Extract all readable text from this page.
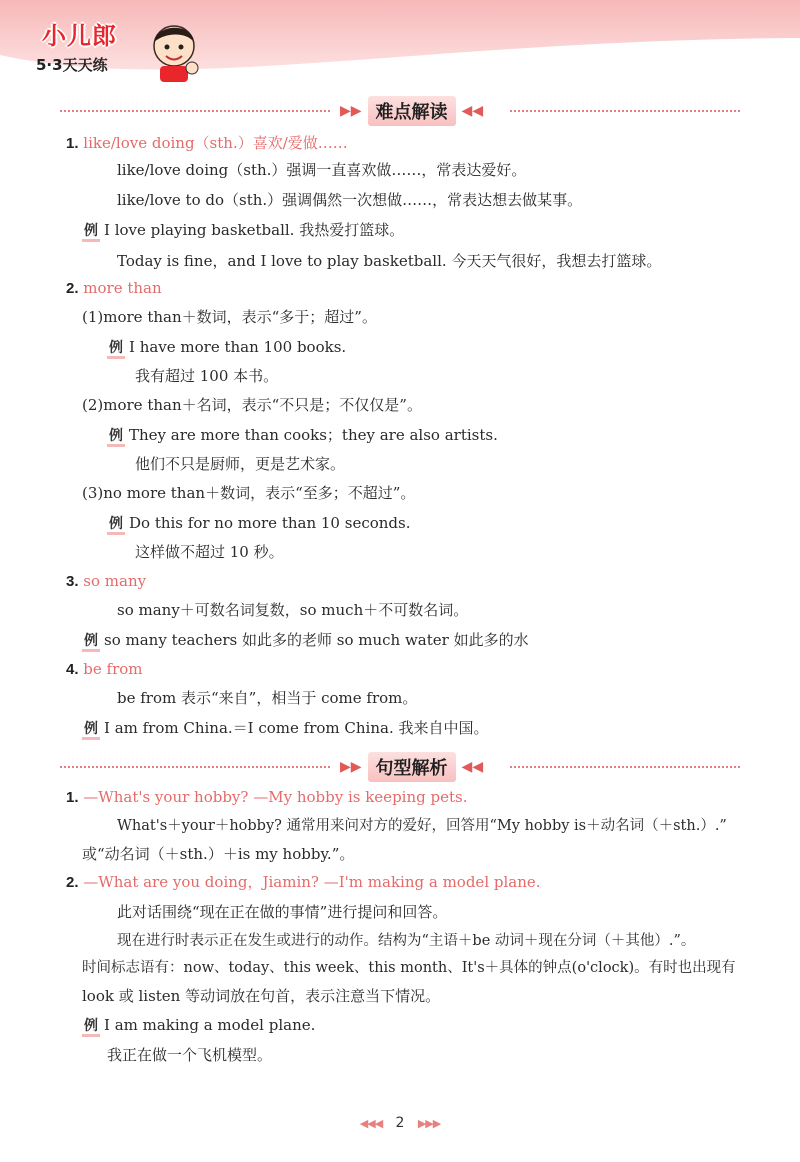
小儿郎
5·3天天练
▶▶ 难点解读	◀◀
1. like/love doing（sth.）喜欢/爱做……
like/love doing（sth.）强调一直喜欢做……，常表达爱好。
like/love to do（sth.）强调偶然一次想做……，常表达想去做某事。
例 I love playing basketball. 我热爱打篮球。
Today is fine，and I love to play basketball. 今天天气很好，我想去打篮球。
2. more than
(1)more than＋数词，表示“多于；超过”。
例 I have more than 100 books.
我有超过 100 本书。
(2)more than＋名词，表示“不只是；不仅仅是”。
例 They are more than cooks；they are also artists.
他们不只是厨师，更是艺术家。
(3)no more than＋数词，表示“至多；不超过”。
例 Do this for no more than 10 seconds.
这样做不超过 10 秒。
3. so many
so many＋可数名词复数，so much＋不可数名词。
例 so many teachers 如此多的老师 so much water 如此多的水
4. be from
be from 表示“来自”，相当于 come from。
例 I am from China.＝I come from China. 我来自中国。
▶▶ 句型解析	◀◀
1. —What's your hobby? —My hobby is keeping pets.
What's＋your＋hobby? 通常用来问对方的爱好，回答用“My hobby is＋动名词（＋sth.）.”
或“动名词（＋sth.）＋is my hobby.”。
2. —What are you doing，Jiamin? —I'm making a model plane.
此对话围绕“现在正在做的事情”进行提问和回答。
现在进行时表示正在发生或进行的动作。结构为“主语＋be 动词＋现在分词（＋其他）.”。
时间标志语有：now、today、this week、this month、It's＋具体的钟点(o'clock)。有时也出现有
look 或 listen 等动词放在句首，表示注意当下情况。
例 I am making a model plane.
我正在做一个飞机模型。
◀◀◀ 2 ▶▶▶
